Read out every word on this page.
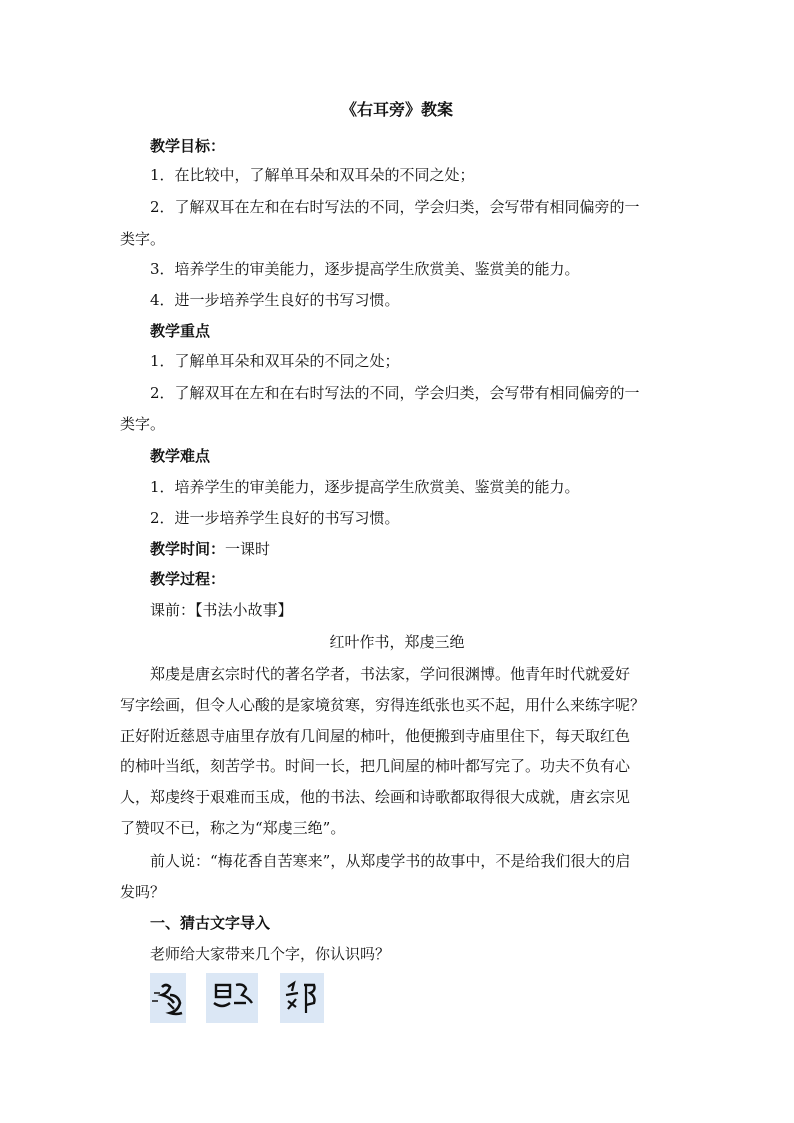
《右耳旁》教案
教学目标：
1．在比较中，了解单耳朵和双耳朵的不同之处；
2．了解双耳在左和在右时写法的不同，学会归类，会写带有相同偏旁的一
类字。
3．培养学生的审美能力，逐步提高学生欣赏美、鉴赏美的能力。
4．进一步培养学生良好的书写习惯。
教学重点
1．了解单耳朵和双耳朵的不同之处；
2．了解双耳在左和在右时写法的不同，学会归类，会写带有相同偏旁的一
类字。
教学难点
1．培养学生的审美能力，逐步提高学生欣赏美、鉴赏美的能力。
2．进一步培养学生良好的书写习惯。
教学时间：一课时
教学过程：
课前：【书法小故事】
红叶作书，郑虔三绝
郑虔是唐玄宗时代的著名学者，书法家，学问很渊博。他青年时代就爱好
写字绘画，但令人心酸的是家境贫寒，穷得连纸张也买不起，用什么来练字呢？
正好附近慈恩寺庙里存放有几间屋的柿叶，他便搬到寺庙里住下，每天取红色
的柿叶当纸，刻苦学书。时间一长，把几间屋的柿叶都写完了。功夫不负有心
人，郑虔终于艰难而玉成，他的书法、绘画和诗歌都取得很大成就，唐玄宗见
了赞叹不已，称之为“郑虔三绝”。
前人说：“梅花香自苦寒来”，从郑虔学书的故事中，不是给我们很大的启
发吗？
一、猜古文字导入
老师给大家带来几个字，你认识吗？
